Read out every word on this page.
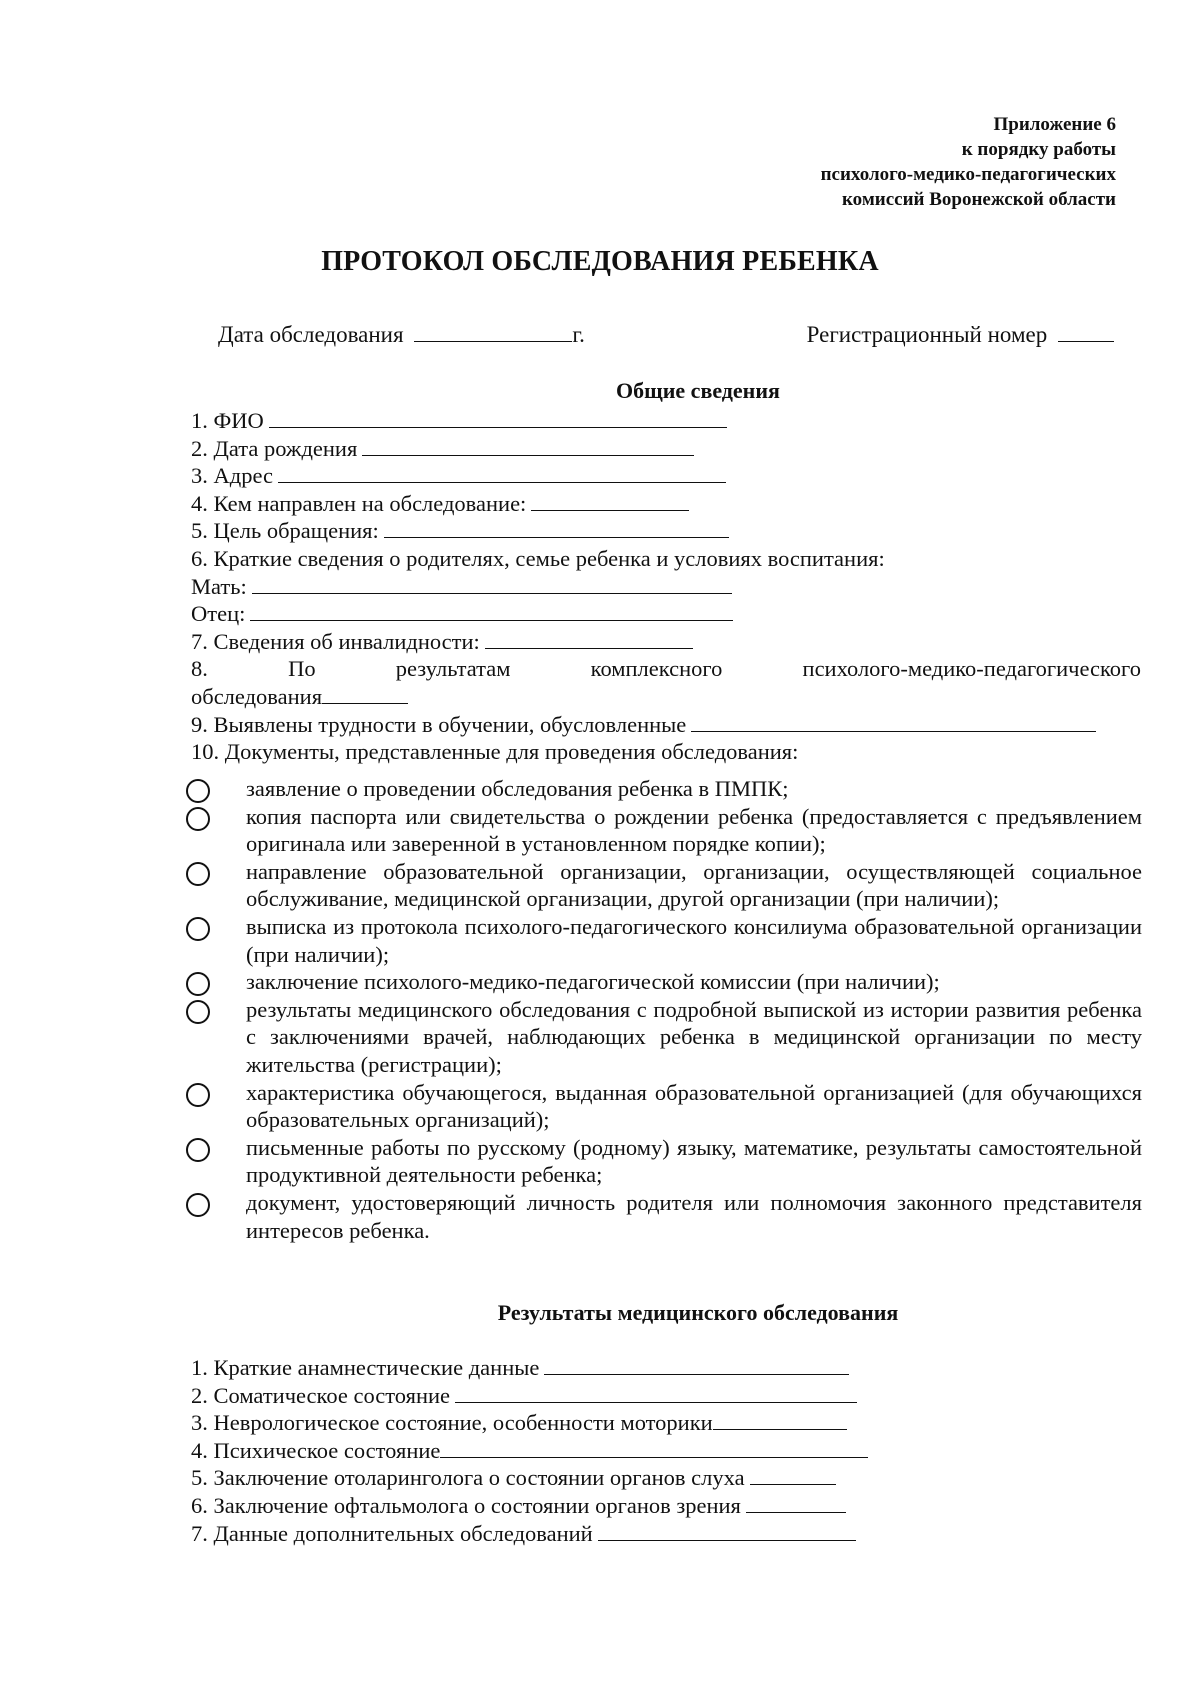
Приложение 6
к порядку работы
психолого-медико-педагогических
комиссий Воронежской области
ПРОТОКОЛ ОБСЛЕДОВАНИЯ РЕБЕНКА
Дата обследования	г.	Регистрационный номер
Общие сведения
1. ФИО
2. Дата рождения
3. Адрес
4. Кем направлен на обследование:
5. Цель обращения:
6. Краткие сведения о родителях, семье ребенка и условиях воспитания:
Мать:
Отец:
7. Сведения об инвалидности:
8.	По	результатам	комплексного	психолого-медико-педагогического
обследования
9. Выявлены трудности в обучении, обусловленные
10. Документы, представленные для проведения обследования:
заявление о проведении обследования ребенка в ПМПК;
копия паспорта или свидетельства о рождении ребенка (предоставляется с предъявлением оригинала или заверенной в установленном порядке копии);
направление образовательной организации, организации, осуществляющей социальное обслуживание, медицинской организации, другой организации (при наличии);
выписка из протокола психолого-педагогического консилиума образовательной организации (при наличии);
заключение психолого-медико-педагогической комиссии (при наличии);
результаты медицинского обследования с подробной выпиской из истории развития ребенка с заключениями врачей, наблюдающих ребенка в медицинской организации по месту жительства (регистрации);
характеристика обучающегося, выданная образовательной организацией (для обучающихся образовательных организаций);
письменные работы по русскому (родному) языку, математике, результаты самостоятельной продуктивной деятельности ребенка;
документ, удостоверяющий личность родителя или полномочия законного представителя интересов ребенка.
Результаты медицинского обследования
1. Краткие анамнестические данные
2. Соматическое состояние
3. Неврологическое состояние, особенности моторики
4. Психическое состояние
5. Заключение отоларинголога о состоянии органов слуха
6. Заключение офтальмолога о состоянии органов зрения
7. Данные дополнительных обследований
